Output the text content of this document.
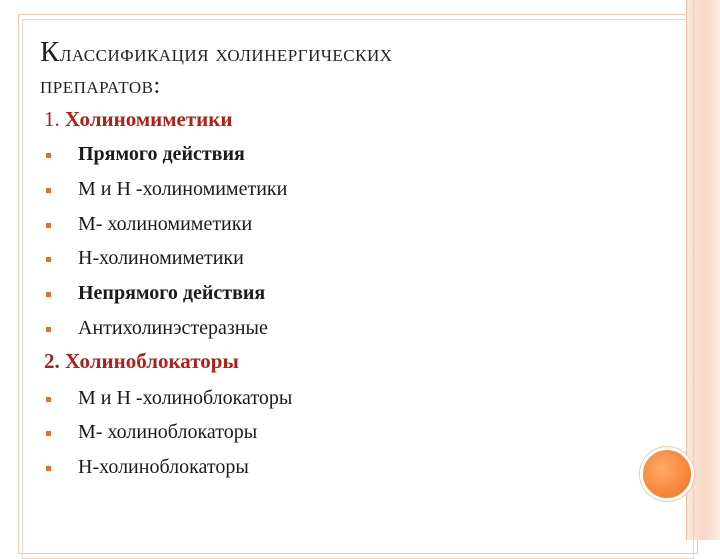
Классификация холинергических
препаратов:
1. Холиномиметики
Прямого действия
М и Н -холиномиметики
М- холиномиметики
Н-холиномиметики
Непрямого действия
Антихолинэстеразные
2. Холиноблокаторы
М и Н -холиноблокаторы
М- холиноблокаторы
Н-холиноблокаторы
